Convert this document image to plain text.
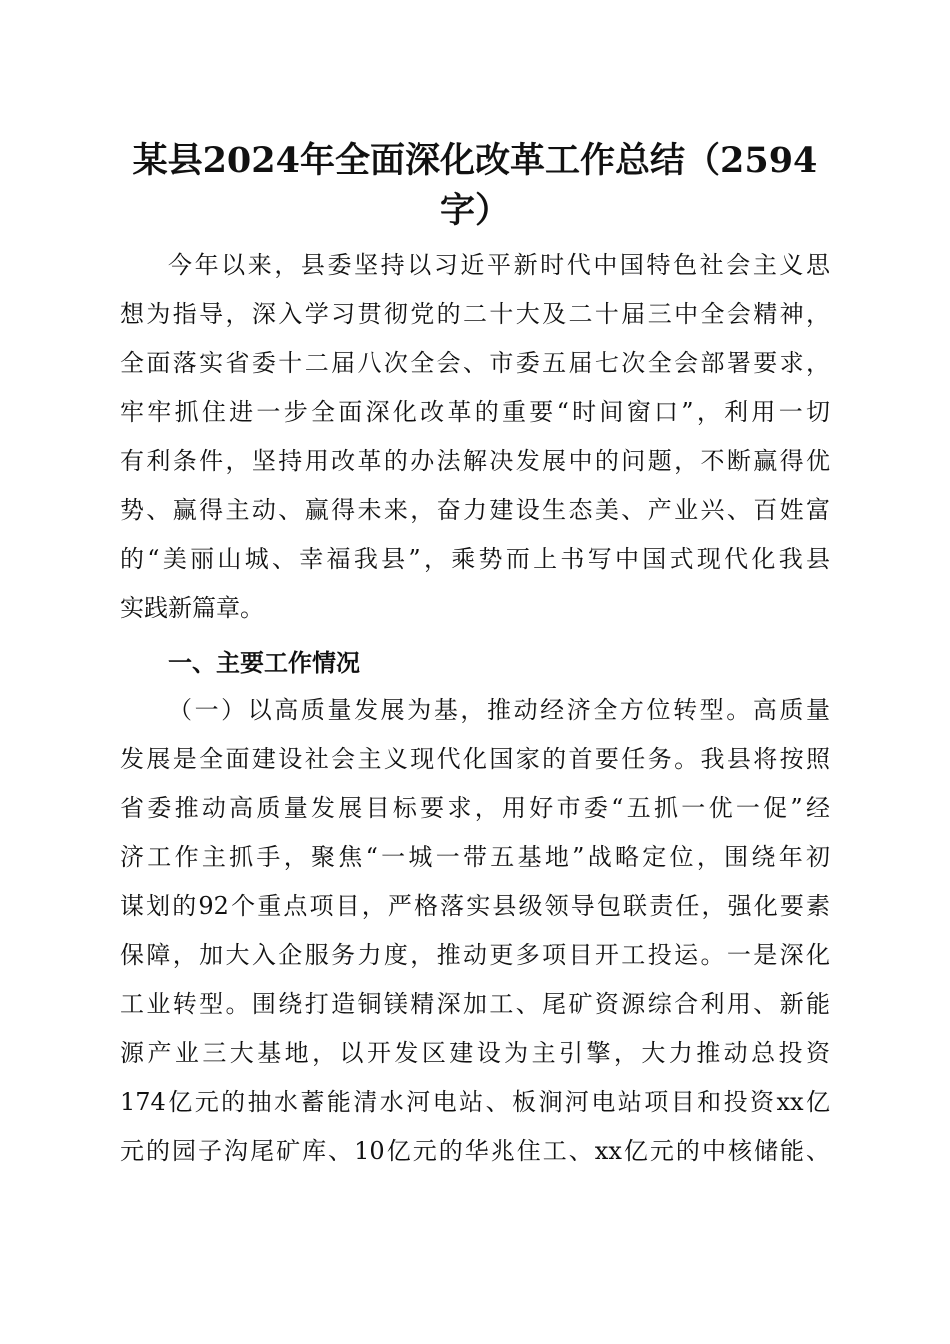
某县2024年全面深化改革工作总结（2594
字）
今年以来，县委坚持以习近平新时代中国特色社会主义思
想为指导，深入学习贯彻党的二十大及二十届三中全会精神，
全面落实省委十二届八次全会、市委五届七次全会部署要求，
牢牢抓住进一步全面深化改革的重要“时间窗口”，利用一切
有利条件，坚持用改革的办法解决发展中的问题，不断赢得优
势、赢得主动、赢得未来，奋力建设生态美、产业兴、百姓富
的“美丽山城、幸福我县”，乘势而上书写中国式现代化我县
实践新篇章。
一、主要工作情况
（一）以高质量发展为基，推动经济全方位转型。高质量
发展是全面建设社会主义现代化国家的首要任务。我县将按照
省委推动高质量发展目标要求，用好市委“五抓一优一促”经
济工作主抓手，聚焦“一城一带五基地”战略定位，围绕年初
谋划的92个重点项目，严格落实县级领导包联责任，强化要素
保障，加大入企服务力度，推动更多项目开工投运。一是深化
工业转型。围绕打造铜镁精深加工、尾矿资源综合利用、新能
源产业三大基地，以开发区建设为主引擎，大力推动总投资
174亿元的抽水蓄能清水河电站、板涧河电站项目和投资xx亿
元的园子沟尾矿库、10亿元的华兆住工、xx亿元的中核储能、
